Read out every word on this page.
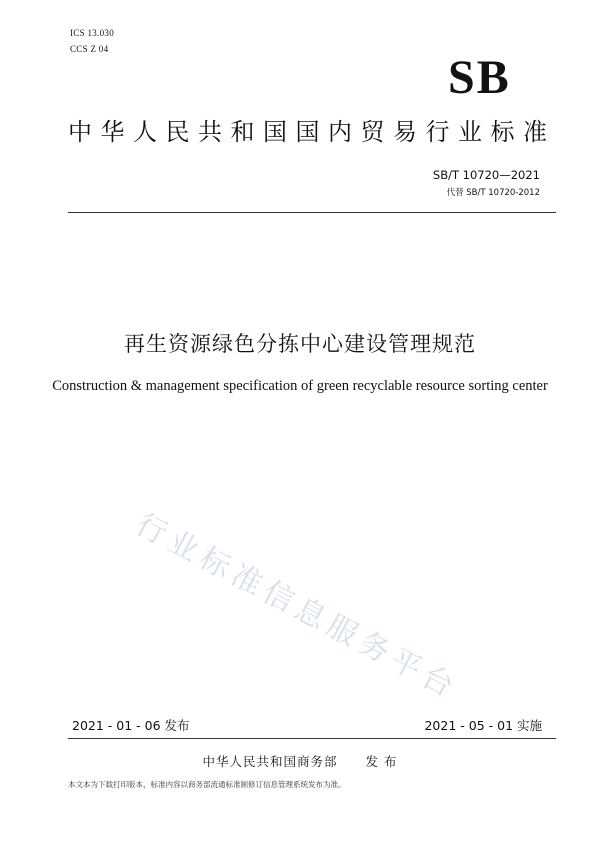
ICS 13.030
CCS Z 04
SB
中华人民共和国国内贸易行业标准
SB/T 10720—2021
代替 SB/T 10720-2012
再生资源绿色分拣中心建设管理规范
Construction & management specification of green recyclable resource sorting center
行业标准信息服务平台
2021 - 01 - 06 发布	2021 - 05 - 01 实施
中华人民共和国商务部 发 布
本文本为下载打印版本，标准内容以商务部流通标准制修订信息管理系统发布为准。
